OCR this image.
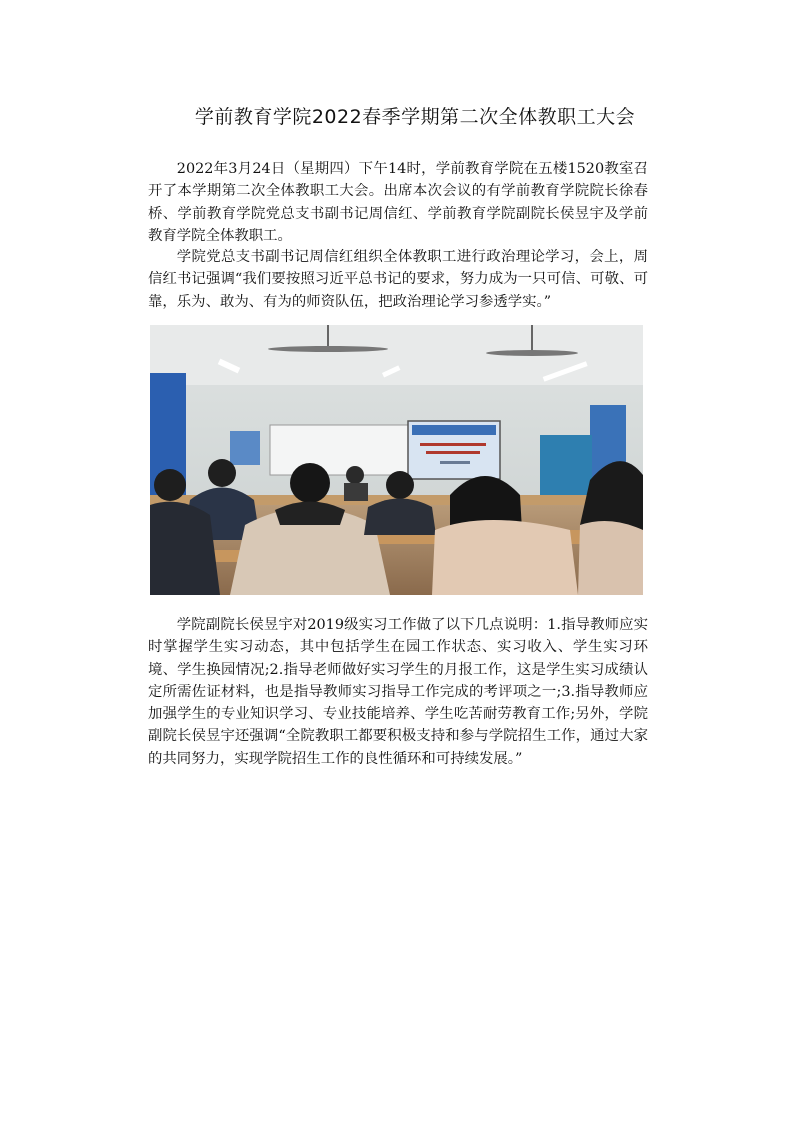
学前教育学院2022春季学期第二次全体教职工大会

2022年3月24日（星期四）下午14时，学前教育学院在五楼1520教室召开了本学期第二次全体教职工大会。出席本次会议的有学前教育学院院长徐春桥、学前教育学院党总支书副书记周信红、学前教育学院副院长侯昱宇及学前教育学院全体教职工。

学院党总支书副书记周信红组织全体教职工进行政治理论学习，会上，周信红书记强调“我们要按照习近平总书记的要求，努力成为一只可信、可敬、可靠，乐为、敢为、有为的师资队伍，把政治理论学习参透学实。”

学院副院长侯昱宇对2019级实习工作做了以下几点说明：1.指导教师应实时掌握学生实习动态，其中包括学生在园工作状态、实习收入、学生实习环境、学生换园情况;2.指导老师做好实习学生的月报工作，这是学生实习成绩认定所需佐证材料，也是指导教师实习指导工作完成的考评项之一;3.指导教师应加强学生的专业知识学习、专业技能培养、学生吃苦耐劳教育工作;另外，学院副院长侯昱宇还强调“全院教职工都要积极支持和参与学院招生工作，通过大家的共同努力，实现学院招生工作的良性循环和可持续发展。”
